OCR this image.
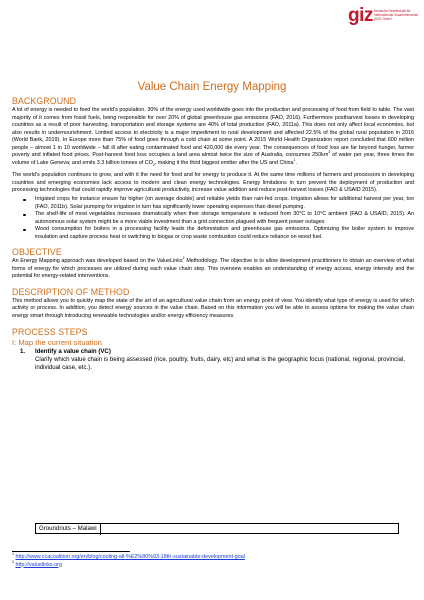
giz Deutsche Gesellschaft für Internationale Zusammenarbeit (GIZ) GmbH
Value Chain Energy Mapping
BACKGROUND

A lot of energy is needed to feed the world’s population. 30% of the energy used worldwide goes into the production and processing of food from field to table. The vast majority of it comes from fossil fuels, being responsible for over 20% of global greenhouse gas emissions (FAO, 2016). Furthermore postharvest losses in developing countries as a result of poor harvesting, transportation and storage systems are 40% of total production (FAO, 2011a). This does not only affect local economies, but also results in undernourishment. Limited access to electricity is a major impediment to rural development and affected 22.5% of the global rural population in 2016 (World Bank, 2019). In Europe more than 75% of food goes through a cold chain at some point. A 2015 World Health Organization report concluded that 600 million people – almost 1 in 10 worldwide – fall ill after eating contaminated food and 420,000 die every year. The consequences of food loss are far beyond hunger, farmer poverty and inflated food prices. Post-harvest food loss occupies a land area almost twice the size of Australia, consumes $250km^3$ of water per year, three times the volume of Lake Geneva; and emits 3.3 billion tonnes of $CO_2$, making it the third biggest emitter after the US and China$^1$.

The world’s population continues to grow, and with it the need for food and for energy to produce it. At the same time millions of farmers and processors in developing countries and emerging economies lack access to modern and clean energy technologies. Energy limitations in turn prevent the deployment of production and processing technologies that could rapidly improve agricultural productivity, increase value addition and reduce post-harvest losses (FAO & USAID 2015).

Irrigated crops for instance ensure far higher (on average double) and reliable yields than rain-fed crops. Irrigation allows for additional harvest per year, too (FAO, 2011b). Solar pumping for irrigation in turn has significantly lower operating expenses than diesel pumping.
The shelf-life of most vegetables increases dramatically when their storage temperature is reduced from 30°C to 10°C ambient (FAO & USAID, 2015). An autonomous solar system might be a more viable investment than a grid connection plagued with frequent power outages
Wood consumption for boilers in a processing facility leads the deforestation and greenhouse gas emissions. Optimizing the boiler system to improve insulation and capture process heat or switching to biogas or crop waste combustion could reduce reliance on wood fuel.
OBJECTIVE

An Energy Mapping approach was developed based on the ValueLinks$^2$ Methodology. The objective is to allow development practitioners to obtain an overview of what forms of energy for which processes are utilized during each value chain step. This overview enables an understanding of energy access, energy intensity and the potential for energy-related interventions.

DESCRIPTION OF METHOD

This method allows you to quickly map the state of the art of an agricultural value chain from an energy point of view. You identify what type of energy is used for which activity or process. In addition, you detect energy sources in the value chain. Based on this information you will be able to assess options for making the value chain energy smart through introducing renewable technologies and/or energy efficiency measures.

PROCESS STEPS
I: Map the current situation
1. Identify a value chain (VC)
Clarify which value chain is being assessed (rice, poultry, fruits, dairy, etc) and what is the geographic focus (national, regional, provincial, individual case, etc.).
Groundnuts – Malawi
$^1$ http://www.ccacoalition.org/en/blog/cooling-all-%E2%80%93-18th-sustainable-development-goal
$^2$ http://valuelinks.org
